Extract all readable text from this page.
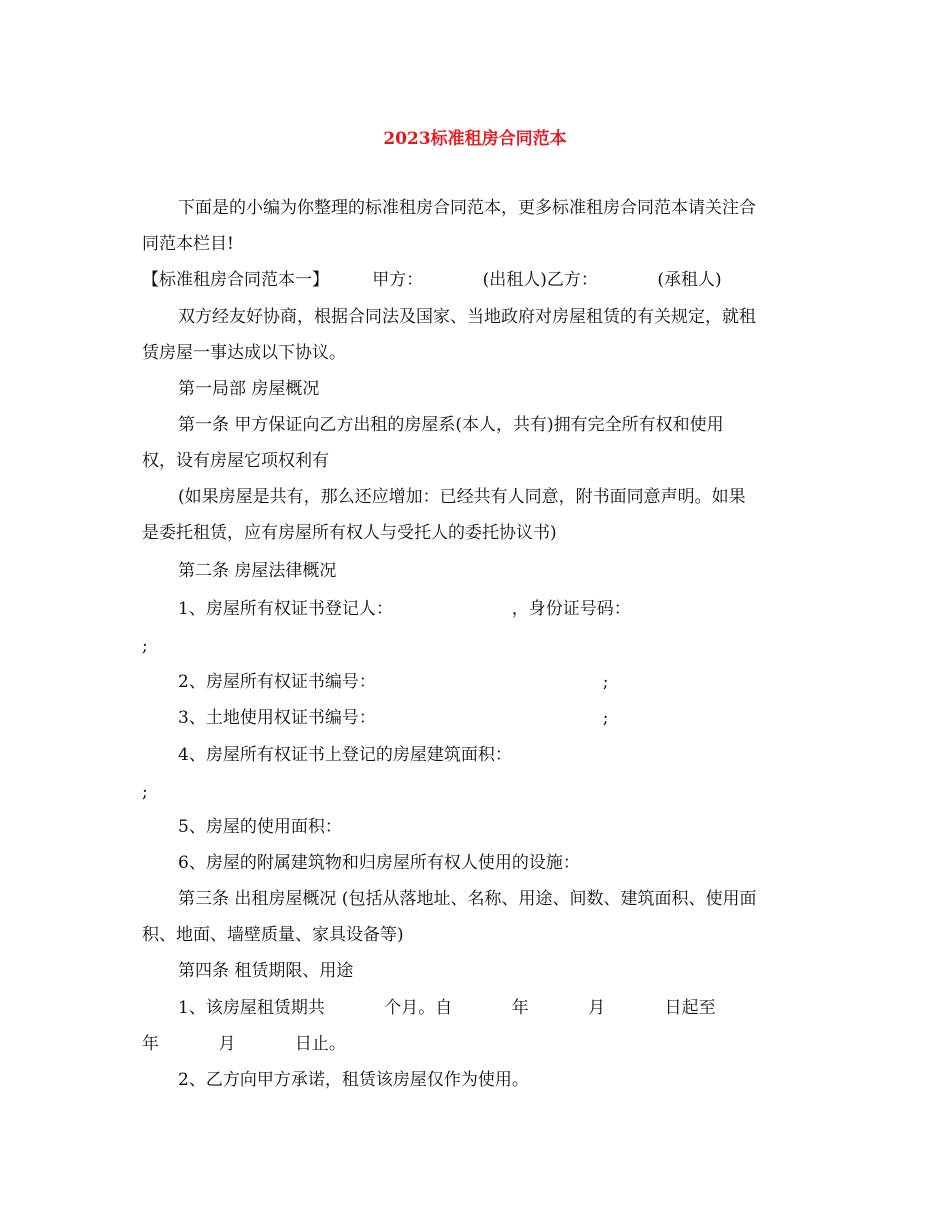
2023标准租房合同范本
下面是的小编为你整理的标准租房合同范本，更多标准租房合同范本请关注合
同范本栏目!
【标准租房合同范本一】        甲方：           (出租人)乙方：           (承租人)
双方经友好协商，根据合同法及国家、当地政府对房屋租赁的有关规定，就租
赁房屋一事达成以下协议。
第一局部 房屋概况
第一条 甲方保证向乙方出租的房屋系(本人，共有)拥有完全所有权和使用
权，设有房屋它项权利有
(如果房屋是共有，那么还应增加：已经共有人同意，附书面同意声明。如果
是委托租赁，应有房屋所有权人与受托人的委托协议书)
第二条 房屋法律概况
1、房屋所有权证书登记人：                      ，身份证号码：
;
2、房屋所有权证书编号：                                          ;
3、土地使用权证书编号：                                          ;
4、房屋所有权证书上登记的房屋建筑面积：
;
5、房屋的使用面积：
6、房屋的附属建筑物和归房屋所有权人使用的设施：
第三条 出租房屋概况 (包括从落地址、名称、用途、间数、建筑面积、使用面
积、地面、墙壁质量、家具设备等)
第四条 租赁期限、用途
1、该房屋租赁期共           个月。自           年           月           日起至
年           月           日止。
2、乙方向甲方承诺，租赁该房屋仅作为使用。
